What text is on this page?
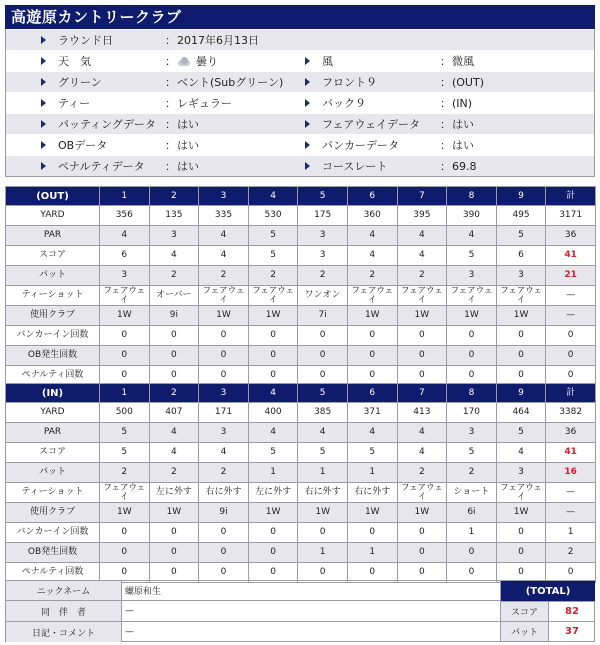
高遊原カントリークラブ
ラウンド日	： 2017年6月13日
天　気	： 曇り	風	： 微風
グリーン	： ベント(Subグリーン)	フロント９	： (OUT)
ティー	： レギュラー	バック９	： (IN)
パッティングデータ ： はい	フェアウェイデータ	： はい
OBデータ	： はい	バンカーデータ	： はい
ペナルティデータ	： はい	コースレート	： 69.8
(OUT)	1	2	3	4	5	6	7	8	9	計
YARD	356	135	335	530	175	360	395	390	495	3171
PAR	4	3	4	5	3	4	4	4	5	36
スコア	6	4	4	5	3	4	4	5	6	41
パット	3	2	2	2	2	2	2	3	3	21
ティーショット	フェアウェイ	オーバー	フェアウェイ	フェアウェイ	ワンオン	フェアウェイ	フェアウェイ	フェアウェイ	フェアウェイ	—
使用クラブ	1W	9i	1W	1W	7i	1W	1W	1W	1W	—
バンカーイン回数	0	0	0	0	0	0	0	0	0	0
OB発生回数	0	0	0	0	0	0	0	0	0	0
ペナルティ回数	0	0	0	0	0	0	0	0	0	0
(IN)	1	2	3	4	5	6	7	8	9	計
YARD	500	407	171	400	385	371	413	170	464	3382
PAR	5	4	3	4	4	4	4	3	5	36
スコア	5	4	4	5	5	5	4	5	4	41
パット	2	2	2	1	1	1	2	2	3	16
ティーショット	フェアウェイ	左に外す	右に外す	左に外す	右に外す	右に外す	フェアウェイ	ショート	フェアウェイ	—
使用クラブ	1W	1W	9i	1W	1W	1W	1W	6i	1W	—
バンカーイン回数	0	0	0	0	0	0	0	1	0	1
OB発生回数	0	0	0	0	1	1	0	0	0	2
ペナルティ回数	0	0	0	0	0	0	0	0	0	0
ニックネーム	螺原和生
同　伴　者	—
日記・コメント	—
(TOTAL)
スコア	82
パット	37
